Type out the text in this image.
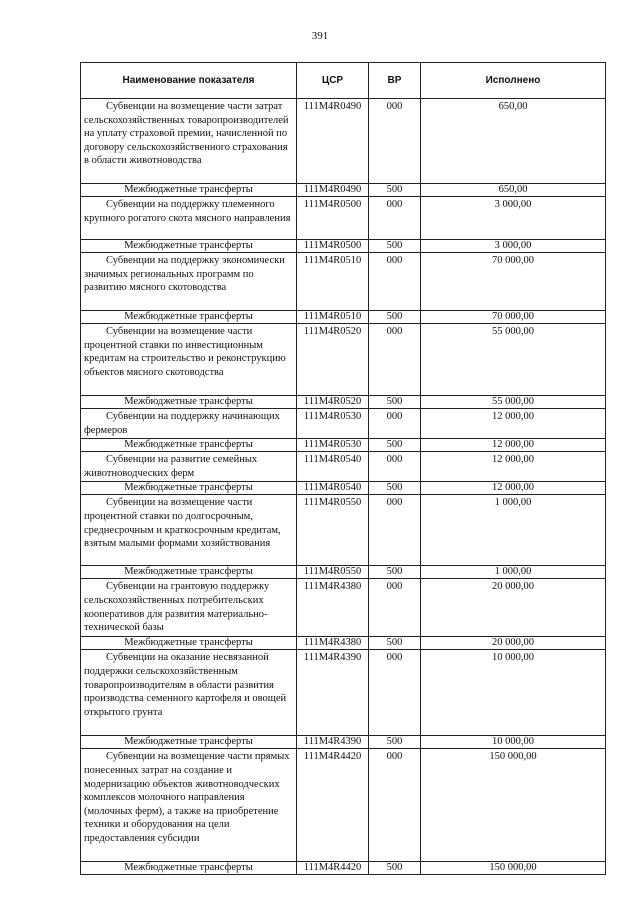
391
Наименование показателя	ЦСР	ВР	Исполнено
Субвенции на возмещение части затрат сельскохозяйственных товаропроизводителей на уплату страховой премии, начисленной по договору сельскохозяйственного страхования в области животноводства	111M4R0490	000	650,00
Межбюджетные трансферты	111M4R0490	500	650,00
Субвенции на поддержку племенного крупного рогатого скота мясного направления	111M4R0500	000	3 000,00
Межбюджетные трансферты	111M4R0500	500	3 000,00
Субвенции на поддержку экономически значимых региональных программ по развитию мясного скотоводства	111M4R0510	000	70 000,00
Межбюджетные трансферты	111M4R0510	500	70 000,00
Субвенции на возмещение части процентной ставки по инвестиционным кредитам на строительство и реконструкцию объектов мясного скотоводства	111M4R0520	000	55 000,00
Межбюджетные трансферты	111M4R0520	500	55 000,00
Субвенции на поддержку начинающих фермеров	111M4R0530	000	12 000,00
Межбюджетные трансферты	111M4R0530	500	12 000,00
Субвенции на развитие семейных животноводческих ферм	111M4R0540	000	12 000,00
Межбюджетные трансферты	111M4R0540	500	12 000,00
Субвенции на возмещение части процентной ставки по долгосрочным, среднесрочным и краткосрочным кредитам, взятым малыми формами хозяйствования	111M4R0550	000	1 000,00
Межбюджетные трансферты	111M4R0550	500	1 000,00
Субвенции на грантовую поддержку сельскохозяйственных потребительских кооперативов для развития материально-технической базы	111M4R4380	000	20 000,00
Межбюджетные трансферты	111M4R4380	500	20 000,00
Субвенции на оказание несвязанной поддержки сельскохозяйственным товаропроизводителям в области развития производства семенного картофеля и овощей открытого грунта	111M4R4390	000	10 000,00
Межбюджетные трансферты	111M4R4390	500	10 000,00
Субвенции на возмещение части прямых понесенных затрат на создание и модернизацию объектов животноводческих комплексов молочного направления (молочных ферм), а также на приобретение техники и оборудования на цели предоставления субсидии	111M4R4420	000	150 000,00
Межбюджетные трансферты	111M4R4420	500	150 000,00
